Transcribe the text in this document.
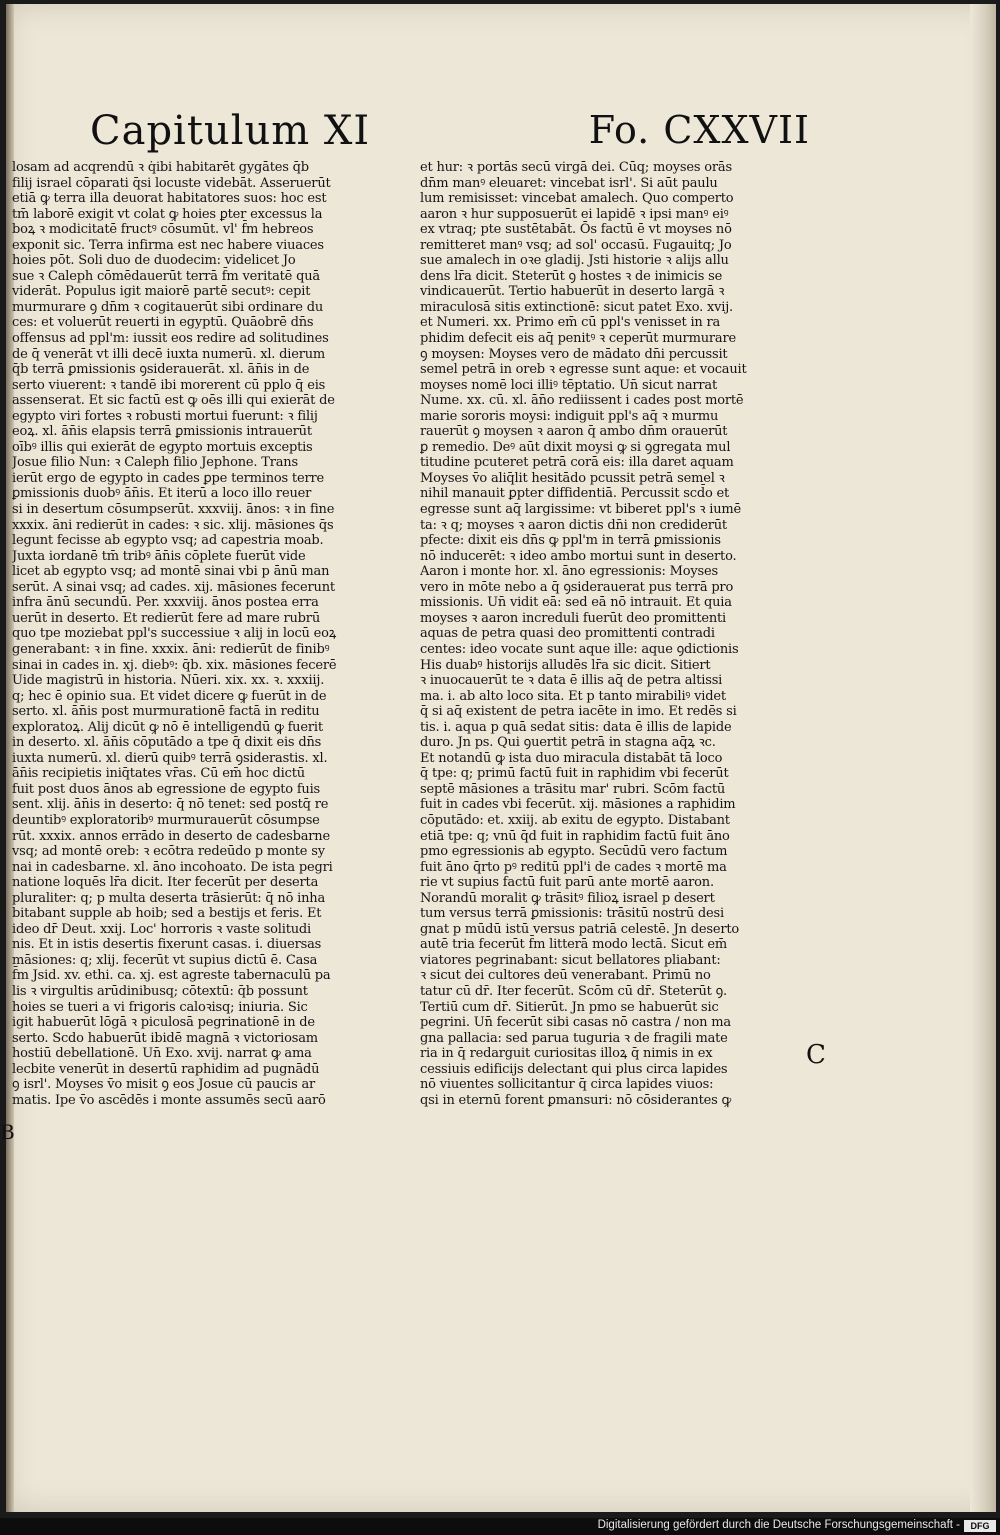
Capitulum XI	Fo. CXXVII
losam ad acqrendū ꝛ q̇ibi habitarēt gygātes q̄b
filij israel cōparati q̄si locuste videbāt. Asseruerūt
etiā ꝙ terra illa deuorat habitatores suos: hoc est
tm̄ laborē exigit vt colat ꝙ hoies ꝑter excessus la
boꝝ ꝛ modicitatē fructꝰ cōsumūt. vl' f̄m hebreos
exponit sic. Terra infirma est nec habere viuaces
hoies pōt. Soli duo de duodecim: videlicet Jo
sue ꝛ Caleph cōmēdauerūt terrā f̄m veritatē quā
viderāt. Populus igit maiorē partē secutꝰ: cepit
murmurare ꝯ dn̄m ꝛ cogitauerūt sibi ordinare du
ces: et voluerūt reuerti in egyptū. Quāobrē dn̄s
offensus ad ppl'm: iussit eos redire ad solitudines
de q̄ venerāt vt illi decē iuxta numerū. xl. dierum
q̄b terrā ꝑmissionis ꝯsiderauerāt. xl. ān̄is in de
serto viuerent: ꝛ tandē ibi morerent cū pplo q̄ eis
assenserat. Et sic factū est ꝙ oēs illi qui exierāt de
egypto viri fortes ꝛ robusti mortui fuerunt: ꝛ filij
eoꝝ. xl. ān̄is elapsis terrā ꝑmissionis intrauerūt
oībꝰ illis qui exierāt de egypto mortuis exceptis
Josue filio Nun: ꝛ Caleph filio Jephone. Trans
ierūt ergo de egypto in cades ꝑpe terminos terre
ꝑmissionis duobꝰ ān̄is. Et iterū a loco illo reuer
si in desertum cōsumpserūt. xxxviij. ānos: ꝛ in fine
xxxix. āni redierūt in cades: ꝛ sic. xlij. māsiones q̄s
legunt fecisse ab egypto vsq; ad capestria moab.
Juxta iordanē tm̄ tribꝰ ān̄is cōplete fuerūt vide
licet ab egypto vsq; ad montē sinai vbi p ānū man
serūt. A sinai vsq; ad cades. xij. māsiones fecerunt
infra ānū secundū. Per. xxxviij. ānos postea erra
uerūt in deserto. Et redierūt fere ad mare rubrū
quo tpe moziebat ppl's successiue ꝛ alij in locū eoꝝ
generabant: ꝛ in fine. xxxix. āni: redierūt de finibꝰ
sinai in cades in. xj. diebꝰ: q̄b. xix. māsiones fecerē
Uide magistrū in historia. Nūeri. xix. xx. ꝛ. xxxiij.
q; hec ē opinio sua. Et videt dicere ꝙ fuerūt in de
serto. xl. ān̄is post murmurationē factā in reditu
exploratoꝝ. Alij dicūt ꝙ nō ē intelligendū ꝙ fuerit
in deserto. xl. ān̄is cōputādo a tpe q̄ dixit eis dn̄s
iuxta numerū. xl. dierū quibꝰ terrā ꝯsiderastis. xl.
ān̄is recipietis iniq̄tates vr̄as. Cū em̄ hoc dictū
fuit post duos ānos ab egressione de egypto fuis
sent. xlij. ān̄is in deserto: q̄ nō tenet: sed postq̄ re
deuntibꝰ exploratoribꝰ murmurauerūt cōsumpse
rūt. xxxix. annos errādo in deserto de cadesbarne
vsq; ad montē oreb: ꝛ ecōtra redeūdo p monte sy
nai in cadesbarne. xl. āno incohoato. De ista pegri
natione loquēs lr̄a dicit. Iter fecerūt per deserta
pluraliter: q; p multa deserta trāsierūt: q̄ nō inha
bitabant supple ab hoib; sed a bestijs et feris. Et
ideo dr̄ Deut. xxij. Loc' horroris ꝛ vaste solitudi
nis. Et in istis desertis fixerunt casas. i. diuersas
māsiones: q; xlij. fecerūt vt supius dictū ē. Casa
f̄m Jsid. xv. ethi. ca. xj. est agreste tabernaculū pa
lis ꝛ virgultis arūdinibusq; cōtextū: q̄b possunt
hoies se tueri a vi frigoris caloꝛisq; iniuria. Sic
igit habuerūt lōgā ꝛ piculosā pegrinationē in de
serto. Scdo habuerūt ibidē magnā ꝛ victoriosam
hostiū debellationē. Un̄ Exo. xvij. narrat ꝙ ama
lecbite venerūt in desertū raphidim ad pugnādū
ꝯ isrl'. Moyses v̄o misit ꝯ eos Josue cū paucis ar
matis. Ipe v̄o ascēdēs i monte assumēs secū aarō
et hur: ꝛ portās secū virgā dei. Cūq; moyses orās
dn̄m manꝰ eleuaret: vincebat isrl'. Si aūt paulu
lum remisisset: vincebat amalech. Quo comperto
aaron ꝛ hur supposuerūt ei lapidē ꝛ ipsi manꝰ eiꝰ
ex vtraq; pte sustētabāt. Ōs factū ē vt moyses nō
remitteret manꝰ vsq; ad sol' occasū. Fugauitq; Jo
sue amalech in oꝛe gladij. Jsti historie ꝛ alijs allu
dens lr̄a dicit. Steterūt ꝯ hostes ꝛ de inimicis se
vindicauerūt. Tertio habuerūt in deserto largā ꝛ
miraculosā sitis extinctionē: sicut patet Exo. xvij.
et Numeri. xx. Primo em̄ cū ppl's venisset in ra
phidim defecit eis aq̄ penitꝰ ꝛ ceperūt murmurare
ꝯ moysen: Moyses vero de mādato dn̄i percussit
semel petrā in oreb ꝛ egresse sunt aque: et vocauit
moyses nomē loci illiꝰ tēptatio. Un̄ sicut narrat
Nume. xx. cū. xl. ān̄o rediissent i cades post mortē
marie sororis moysi: indiguit ppl's aq̄ ꝛ murmu
rauerūt ꝯ moysen ꝛ aaron q̄ ambo dn̄m orauerūt
ꝑ remedio. Deꝰ aūt dixit moysi ꝙ si ꝯgregata mul
titudine pcuteret petrā corā eis: illa daret aquam
Moyses v̄o aliq̄lit hesitādo pcussit petrā semel ꝛ
nihil manauit ꝑpter diffidentiā. Percussit scd̄o et
egresse sunt aq̄ largissime: vt biberet ppl's ꝛ iumē
ta: ꝛ q; moyses ꝛ aaron dictis dn̄i non crediderūt
pfecte: dixit eis dn̄s ꝙ ppl'm in terrā ꝑmissionis
nō inducerēt: ꝛ ideo ambo mortui sunt in deserto.
Aaron i monte hor. xl. āno egressionis: Moyses
vero in mōte nebo a q̄ ꝯsiderauerat pus terrā pro
missionis. Un̄ vidit eā: sed eā nō intrauit. Et quia
moyses ꝛ aaron increduli fuerūt deo promittenti
aquas de petra quasi deo promittenti contradi
centes: ideo vocate sunt aque ille: aque ꝯdictionis
His duabꝰ historijs alludēs lr̄a sic dicit. Sitiert
ꝛ inuocauerūt te ꝛ data ē illis aq̄ de petra altissi
ma. i. ab alto loco sita. Et p tanto mirabiliꝰ videt
q̄ si aq̄ existent de petra iacēte in imo. Et redēs si
tis. i. aqua p quā sedat sitis: data ē illis de lapide
duro. Jn ps. Qui ꝯuertit petrā in stagna aq̄ꝝ ꝛc.
Et notandū ꝙ ista duo miracula distabāt tā loco
q̄ tpe: q; primū factū fuit in raphidim vbi fecerūt
septē māsiones a trāsitu mar' rubri. Scōm factū
fuit in cades vbi fecerūt. xij. māsiones a raphidim
cōputādo: et. xxiij. ab exitu de egypto. Distabant
etiā tpe: q; vnū q̄d fuit in raphidim factū fuit āno
pmo egressionis ab egypto. Secūdū vero factum
fuit āno q̄rto pꝰ reditū ppl'i de cades ꝛ mortē ma
rie vt supius factū fuit parū ante mortē aaron.
Norandū moralit ꝙ trāsitꝰ filioꝝ israel p desert
tum versus terrā ꝑmissionis: trāsitū nostrū desi
gnat p mūdū istū versus patriā celestē. Jn deserto
autē tria fecerūt f̄m litterā modo lectā. Sicut em̄
viatores pegrinabant: sicut bellatores pliabant:
ꝛ sicut dei cultores deū venerabant. Primū no
tatur cū dr̄. Iter fecerūt. Scōm cū dr̄. Steterūt ꝯ.
Tertiū cum dr̄. Sitierūt. Jn pmo se habuerūt sic
pegrini. Un̄ fecerūt sibi casas nō castra / non ma
gna pallacia: sed parua tuguria ꝛ de fragili mate
ria in q̄ redarguit curiositas illoꝝ q̄ nimis in ex
cessiuis edificijs delectant qui plus circa lapides
nō viuentes sollicitantur q̄ circa lapides viuos:
qsi in eternū forent ꝑmansuri: nō cōsiderantes ꝙ
B
C
Digitalisierung gefördert durch die Deutsche Forschungsgemeinschaft -	DFG
